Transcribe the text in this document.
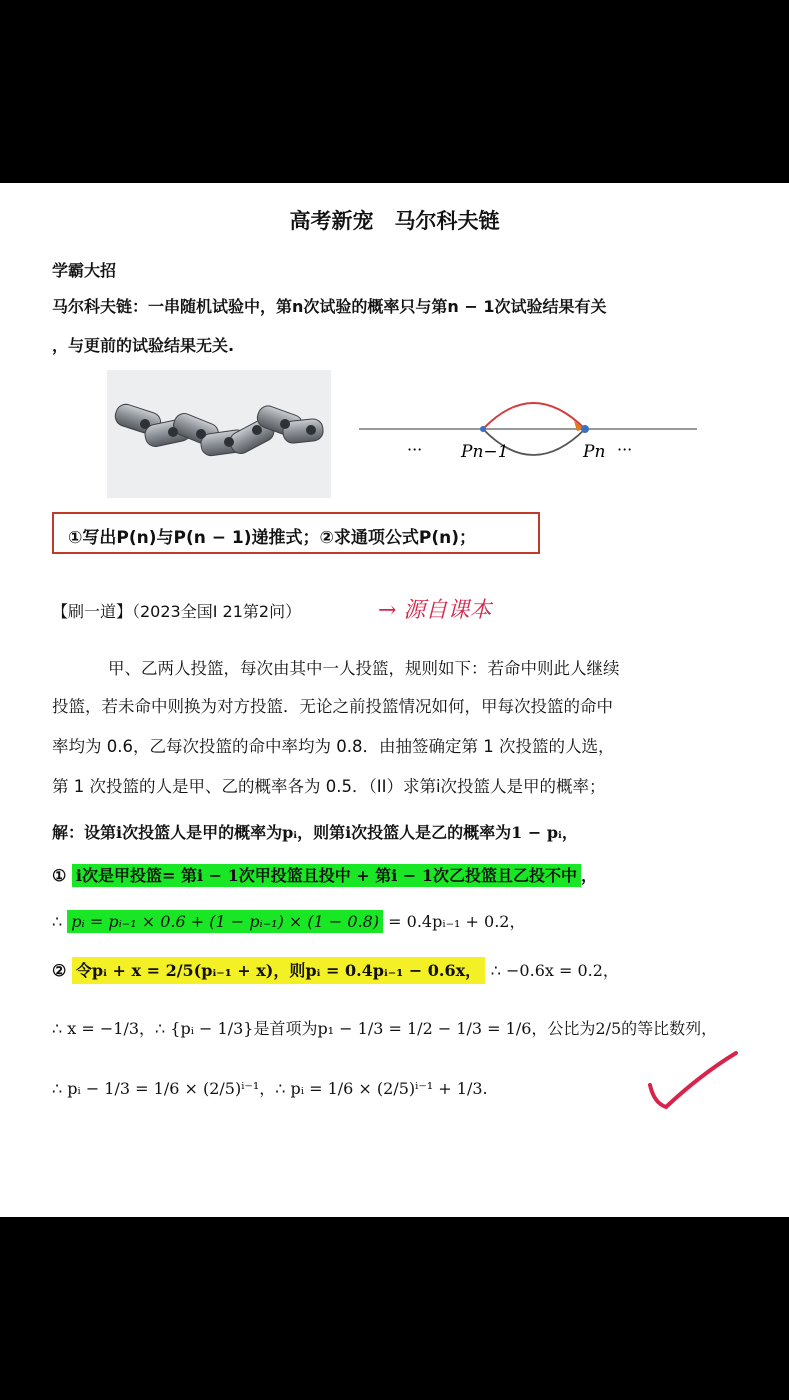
高考新宠　马尔科夫链
学霸大招
马尔科夫链：一串随机试验中，第n次试验的概率只与第n − 1次试验结果有关
，与更前的试验结果无关.
···	···
Pn−1	Pn
①写出P(n)与P(n − 1)递推式；②求通项公式P(n)；
【刷一道】（2023全国Ⅰ 21第2问）	→ 源自课本
甲、乙两人投篮，每次由其中一人投篮，规则如下：若命中则此人继续
投篮，若未命中则换为对方投篮．无论之前投篮情况如何，甲每次投篮的命中
率均为 0.6，乙每次投篮的命中率均为 0.8．由抽签确定第 1 次投篮的人选，
第 1 次投篮的人是甲、乙的概率各为 0.5．（II）求第i次投篮人是甲的概率；
解：设第i次投篮人是甲的概率为pᵢ，则第i次投篮人是乙的概率为1 − pᵢ，
① i次是甲投篮= 第i − 1次甲投篮且投中 + 第i − 1次乙投篮且乙投不中 ，
∴ pᵢ = pᵢ₋₁ × 0.6 + (1 − pᵢ₋₁) × (1 − 0.8) = 0.4pᵢ₋₁ + 0.2，
② 令pᵢ + x = 2/5(pᵢ₋₁ + x)，则pᵢ = 0.4pᵢ₋₁ − 0.6x， ∴ −0.6x = 0.2，
∴ x = −1/3，∴ {pᵢ − 1/3}是首项为p₁ − 1/3 = 1/2 − 1/3 = 1/6，公比为2/5的等比数列，
∴ pᵢ − 1/3 = 1/6 × (2/5)ⁱ⁻¹，∴ pᵢ = 1/6 × (2/5)ⁱ⁻¹ + 1/3.
